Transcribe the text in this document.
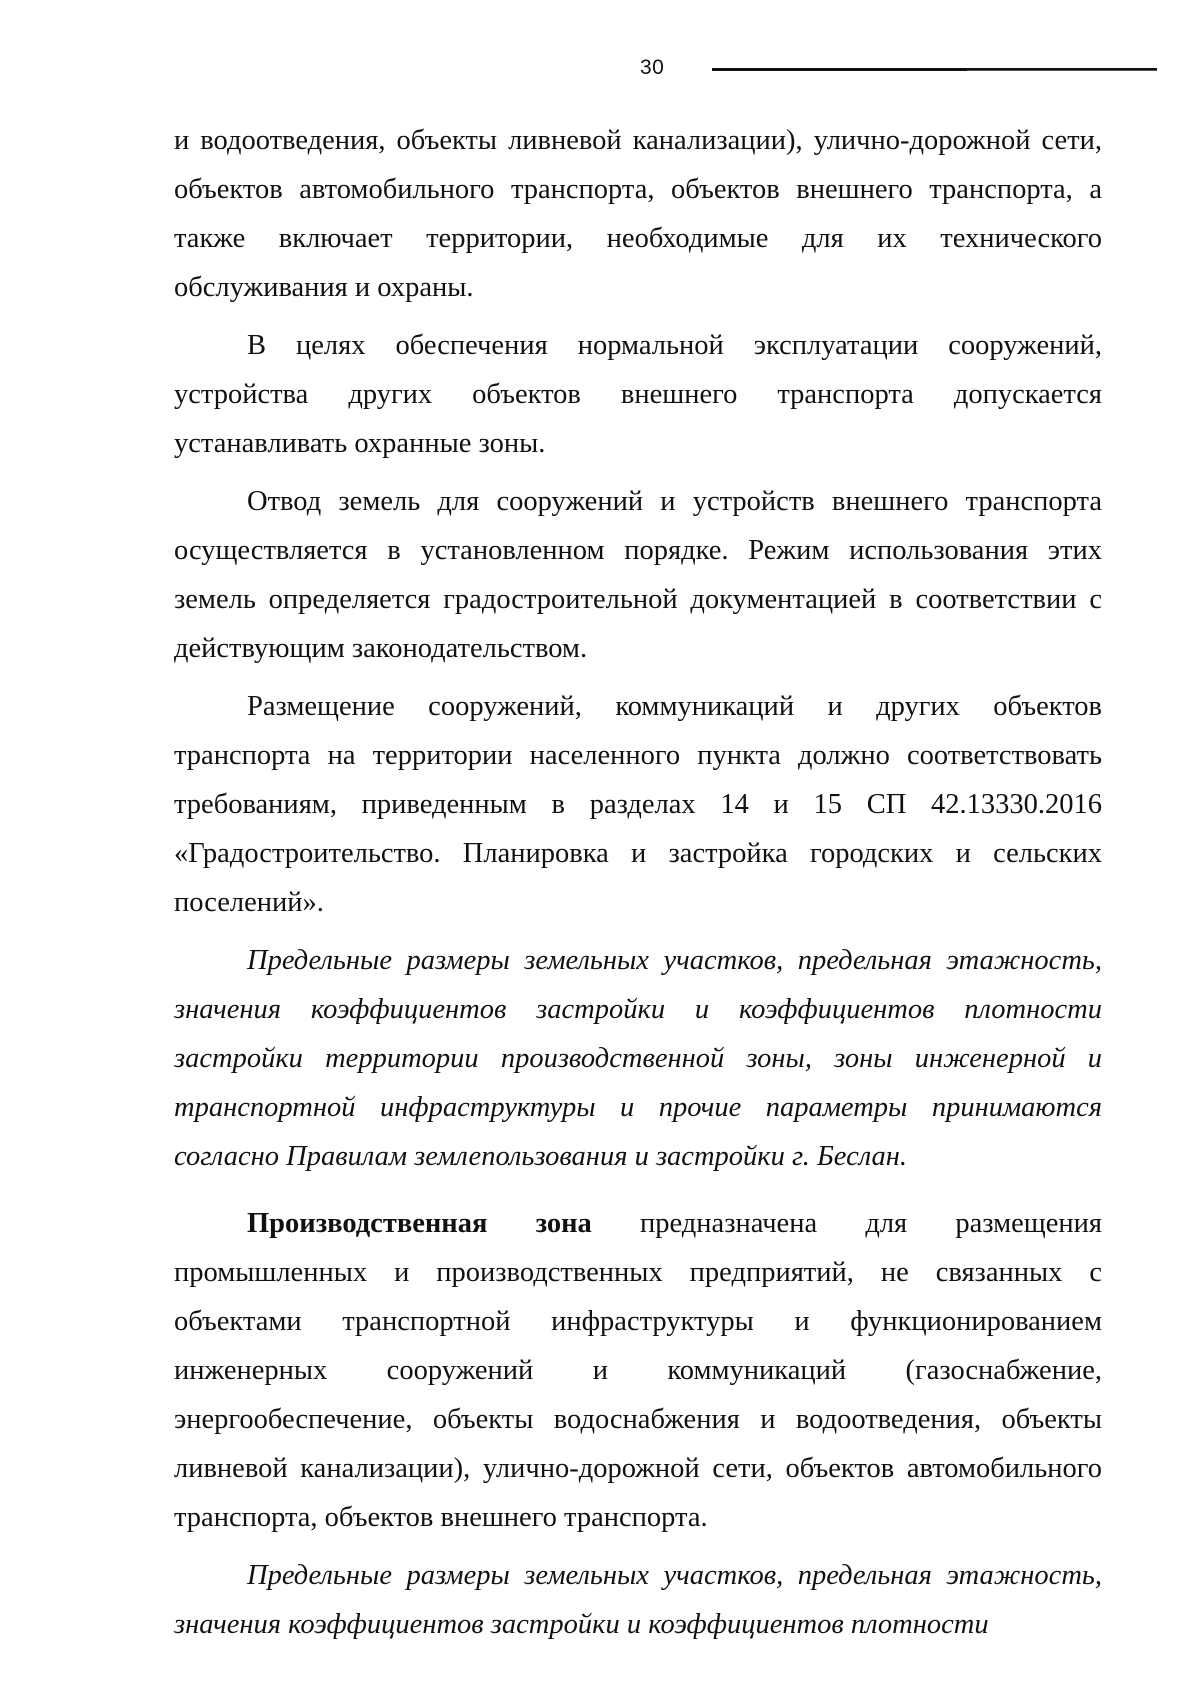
30

и водоотведения, объекты ливневой канализации), улично-дорожной сети, объектов автомобильного транспорта, объектов внешнего транспорта, а также включает территории, необходимые для их технического обслуживания и охраны.

В целях обеспечения нормальной эксплуатации сооружений, устройства других объектов внешнего транспорта допускается устанавливать охранные зоны.

Отвод земель для сооружений и устройств внешнего транспорта осуществляется в установленном порядке. Режим использования этих земель определяется градостроительной документацией в соответствии с действующим законодательством.

Размещение сооружений, коммуникаций и других объектов транспорта на территории населенного пункта должно соответствовать требованиям, приведенным в разделах 14 и 15 СП 42.13330.2016 «Градостроительство. Планировка и застройка городских и сельских поселений».

Предельные размеры земельных участков, предельная этажность, значения коэффициентов застройки и коэффициентов плотности застройки территории производственной зоны, зоны инженерной и транспортной инфраструктуры и прочие параметры принимаются согласно Правилам землепользования и застройки г. Беслан.

Производственная зона предназначена для размещения промышленных и производственных предприятий, не связанных с объектами транспортной инфраструктуры и функционированием инженерных сооружений и коммуникаций (газоснабжение, энергообеспечение, объекты водоснабжения и водоотведения, объекты ливневой канализации), улично-дорожной сети, объектов автомобильного транспорта, объектов внешнего транспорта.

Предельные размеры земельных участков, предельная этажность, значения коэффициентов застройки и коэффициентов плотности
